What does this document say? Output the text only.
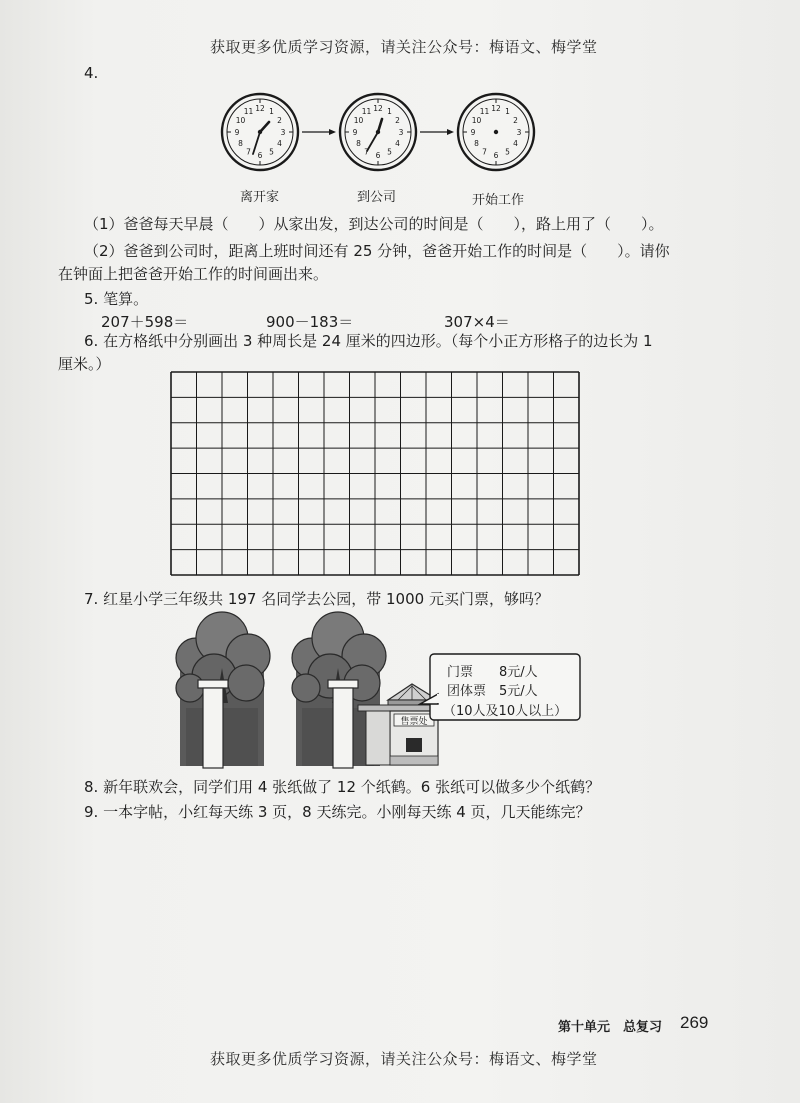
获取更多优质学习资源，请关注公众号：梅语文、梅学堂
4.	12 1
2
3
4
5
6
7
8
9
10
11
离开家	到公司	开始工作
（1）爸爸每天早晨（　　）从家出发，到达公司的时间是（　　），路上用了（　　）。
（2）爸爸到公司时，距离上班时间还有 25 分钟，爸爸开始工作的时间是（　　）。请你
在钟面上把爸爸开始工作的时间画出来。
5. 笔算。
207＋598＝	900－183＝	307×4＝
6. 在方格纸中分别画出 3 种周长是 24 厘米的四边形。（每个小正方形格子的边长为 1
厘米。）
7. 红星小学三年级共 197 名同学去公园，带 1000 元买门票，够吗？
售票处
门票　　8元/人
团体票　5元/人
（10人及10人以上）
8. 新年联欢会，同学们用 4 张纸做了 12 个纸鹤。6 张纸可以做多少个纸鹤？
9. 一本字帖，小红每天练 3 页，8 天练完。小刚每天练 4 页，几天能练完？
第十单元　总复习 269
获取更多优质学习资源，请关注公众号：梅语文、梅学堂
